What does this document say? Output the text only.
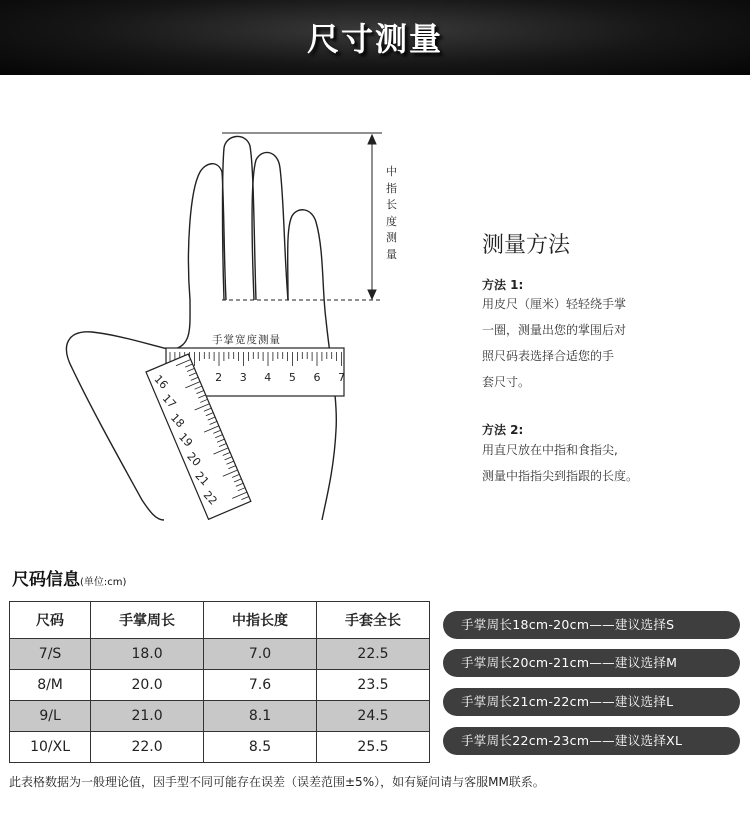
尺寸测量
2 3 4 5 6 7
16
17
18
19
20
21
22
中指长度测量
手掌宽度测量
测量方法
方法 1:
用皮尺（厘米）轻轻绕手掌
一圈，测量出您的掌围后对
照尺码表选择合适您的手
套尺寸。
方法 2:
用直尺放在中指和食指尖,
测量中指指尖到指跟的长度。
尺码信息(单位:cm)
尺码	手掌周长	中指长度	手套全长
7/S	18.0	7.0	22.5
8/M	20.0	7.6	23.5
9/L	21.0	8.1	24.5
10/XL	22.0	8.5	25.5
手掌周长18cm-20cm——建议选择S
手掌周长20cm-21cm——建议选择M
手掌周长21cm-22cm——建议选择L
手掌周长22cm-23cm——建议选择XL
此表格数据为一般理论值，因手型不同可能存在误差（误差范围±5%），如有疑问请与客服MM联系。
